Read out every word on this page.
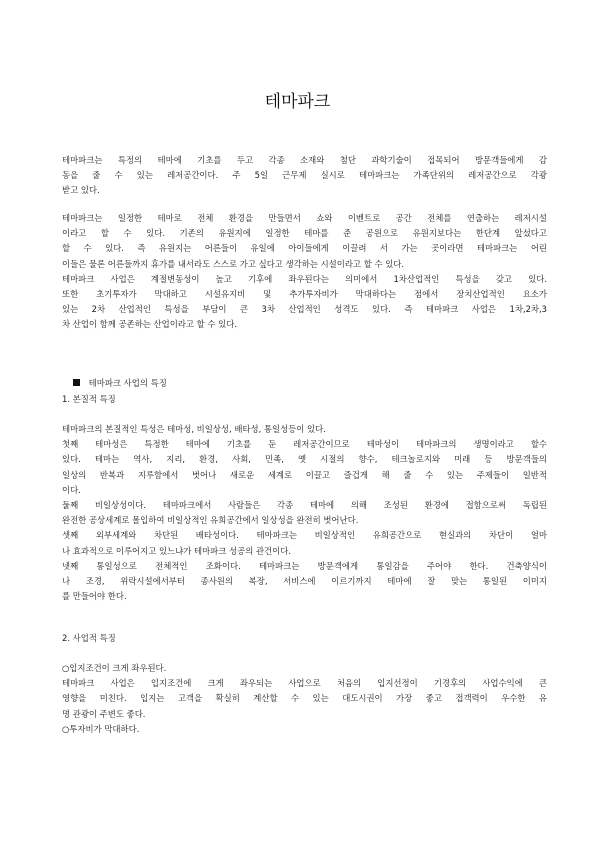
테마파크
테마파크는 특정의 테마에 기초를 두고 각종 소재와 첨단 과학기술이 접목되어 방문객들에게 감
동을 줄 수 있는 레저공간이다. 주 5일 근무제 실시로 테마파크는 가족단위의 레저공간으로 각광
받고 있다.
테마파크는 일정한 테마로 전체 환경을 만들면서 쇼와 이벤트로 공간 전체를 연출하는 레저시설
이라고 할 수 있다. 기존의 유원지에 일정한 테마를 준 공원으로 유원지보다는 한단계 앞섰다고
할 수 있다. 즉 유원지는 어른들이 유일에 아이들에게 이끌려 서 가는 곳이라면 테마파크는 어린
이들은 물론 어른들까지 휴가를 내서라도 스스로 가고 싶다고 생각하는 시설이라고 할 수 있다.
테마파크 사업은 계절변동성이 높고 기후에 좌우된다는 의미에서 1차산업적인 특성을 갖고 있다.
또한 초기투자가 막대하고 시설유지비 및 추가투자비가 막대하다는 점에서 장치산업적인 요소가
있는 2차 산업적인 특성을 부담이 큰 3차 산업적인 성격도 있다. 즉 테마파크 사업은 1차,2차,3
차 산업이 함께 공존하는 산업이라고 할 수 있다.

테마파크 사업의 특징

1. 본질적 특징
테마파크의 본질적인 특성은 테마성, 비일상성, 배타성, 통일성등이 있다.
첫째 테마성은 특정한 테마에 기초를 둔 레저공간이므로 테마성이 테마파크의 생명이라고 할수
있다. 테마는 역사, 지리, 환경, 사회, 민족, 옛 시절의 향수, 테크놀로지와 미래 등 방문객들의
일상의 반복과 지루함에서 벗어나 새로운 세계로 이끌고 즐겁게 해 줄 수 있는 주제들이 일반적
이다.
둘째 비일상성이다. 테마파크에서 사람들은 각종 테마에 의해 조성된 환경에 접함으로써 독립된
완전한 공상세계로 몰입하여 비일상적인 유희공간에서 일상성을 완전히 벗어난다.
셋째 외부세계와 차단된 배타성이다. 테마파크는 비일상적인 유희공간으로 현실과의 차단이 얼마
나 효과적으로 이루어지고 있느냐가 테마파크 성공의 관건이다.
넷째 통일성으로 전체적인 조화이다. 테마파크는 방문객에게 통일감을 주어야 한다. 건축양식이
나 조경, 위락시설에서부터 종사원의 복장, 서비스에 이르기까지 테마에 잘 맞는 통일된 이미지
를 만들어야 한다.
2. 사업적 특징
○입지조건이 크게 좌우된다.
테마파크 사업은 입지조건에 크게 좌우되는 사업으로 처음의 입지선정이 기경후의 사업수익에 큰
영향을 미친다. 입지는 고객을 확실히 계산할 수 있는 대도시권이 가장 좋고 접객력이 우수한 유
명 관광이 주변도 좋다.
○투자비가 막대하다.
